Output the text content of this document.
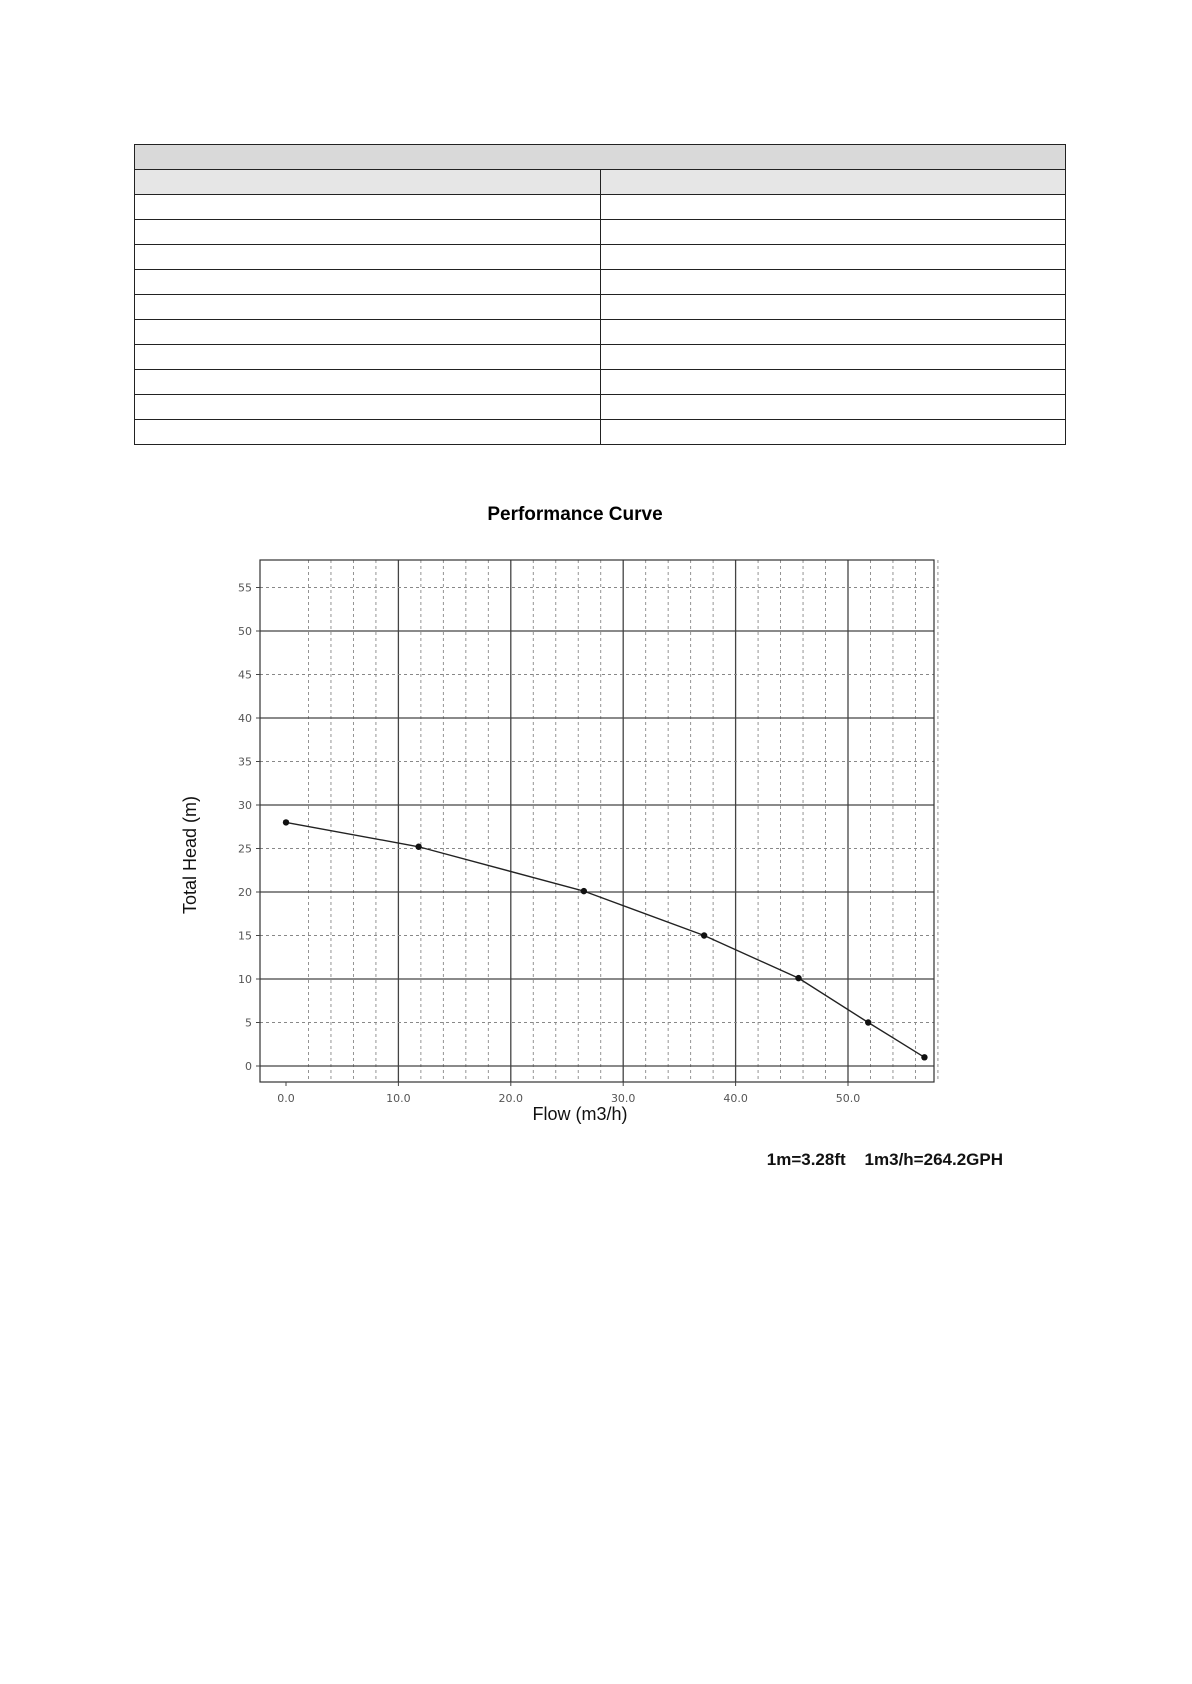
Performance Curve
0
5
10
15
20
25
30
35
40
45
50
55
0.0	10.0	20.0	30.0	40.0	50.0
Flow (m3/h)
Total Head (m)
1m=3.28ft    1m3/h=264.2GPH
